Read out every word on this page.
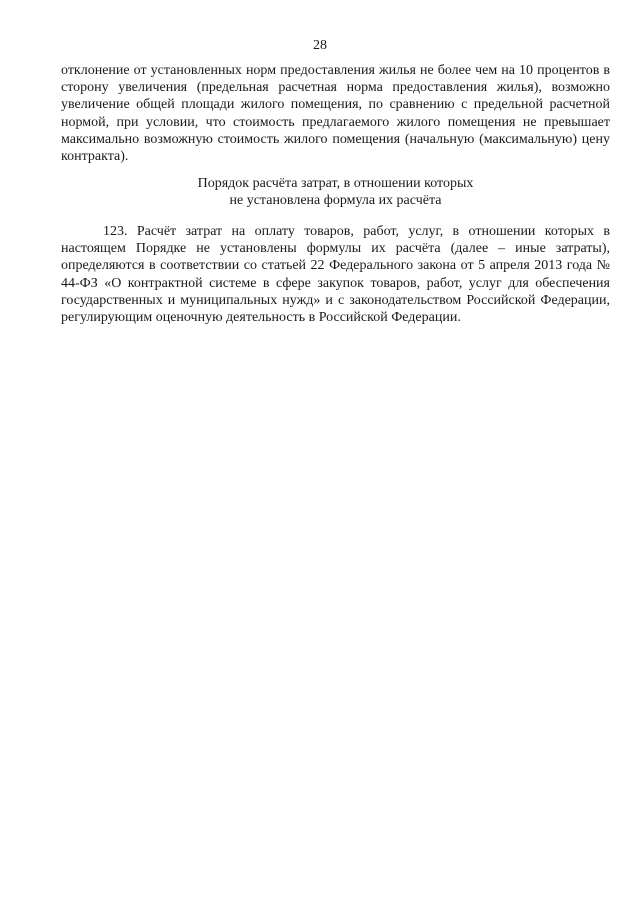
28

отклонение от установленных норм предоставления жилья не более чем на 10 процентов в сторону увеличения (предельная расчетная норма предоставления жилья), возможно увеличение общей площади жилого помещения, по сравнению с предельной расчетной нормой, при условии, что стоимость предлагаемого жилого помещения не превышает максимально возможную стоимость жилого помещения (начальную (максимальную) цену контракта).

Порядок расчёта затрат, в отношении которых
не установлена формула их расчёта

123. Расчёт затрат на оплату товаров, работ, услуг, в отношении которых в настоящем Порядке не установлены формулы их расчёта (далее – иные затраты), определяются в соответствии со статьей 22 Федерального закона от 5 апреля 2013 года № 44-ФЗ «О контрактной системе в сфере закупок товаров, работ, услуг для обеспечения государственных и муниципальных нужд» и с законодательством Российской Федерации, регулирующим оценочную деятельность в Российской Федерации.
